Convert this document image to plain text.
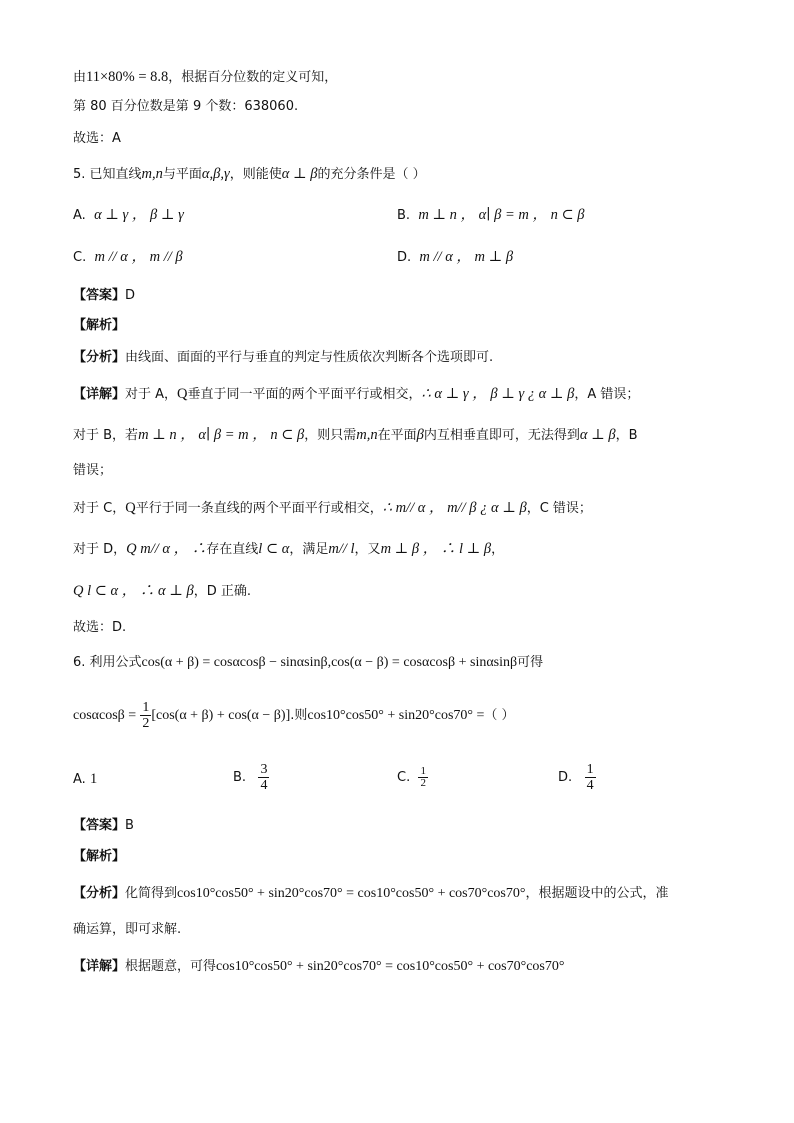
由11×80% = 8.8，根据百分位数的定义可知，
第 80 百分位数是第 9 个数：638060.
故选：A
5. 已知直线m,n与平面α,β,γ，则能使α ⊥ β的充分条件是（ ）
A. α ⊥ γ ， β ⊥ γ	B. m ⊥ n ， α∣ β = m ， n ⊂ β
C. m // α ， m // β	D. m // α ， m ⊥ β
【答案】D
【解析】
【分析】由线面、面面的平行与垂直的判定与性质依次判断各个选项即可.
【详解】对于 A，Q垂直于同一平面的两个平面平行或相交，∴ α ⊥ γ ， β ⊥ γ ¿ α ⊥ β，A 错误；
对于 B，若m ⊥ n ， α∣ β = m ， n ⊂ β，则只需m,n在平面β内互相垂直即可，无法得到α ⊥ β，B
错误；
对于 C，Q平行于同一条直线的两个平面平行或相交，∴ m// α ， m// β ¿ α ⊥ β，C 错误；
对于 D，Q m// α ， ∴存在直线l ⊂ α，满足m// l，又m ⊥ β ， ∴ l ⊥ β，
Q l ⊂ α ， ∴ α ⊥ β，D 正确.
故选：D.
6. 利用公式cos(α + β) = cosαcosβ − sinαsinβ,cos(α − β) = cosαcosβ + sinαsinβ可得
$\cos\alpha\cos\beta = \frac{1}{2} [\cos(\alpha + \beta) + \cos(\alpha - \beta)]$.则cos10°cos50° + sin20°cos70° =（ ）
A. 1	B. $\frac{3}{4}$	C. $\frac{1}{2}$	D. $\frac{1}{4}$
【答案】B
【解析】
【分析】化简得到cos10°cos50° + sin20°cos70° = cos10°cos50° + cos70°cos70°，根据题设中的公式，准
确运算，即可求解.
【详解】根据题意，可得cos10°cos50° + sin20°cos70° = cos10°cos50° + cos70°cos70°
